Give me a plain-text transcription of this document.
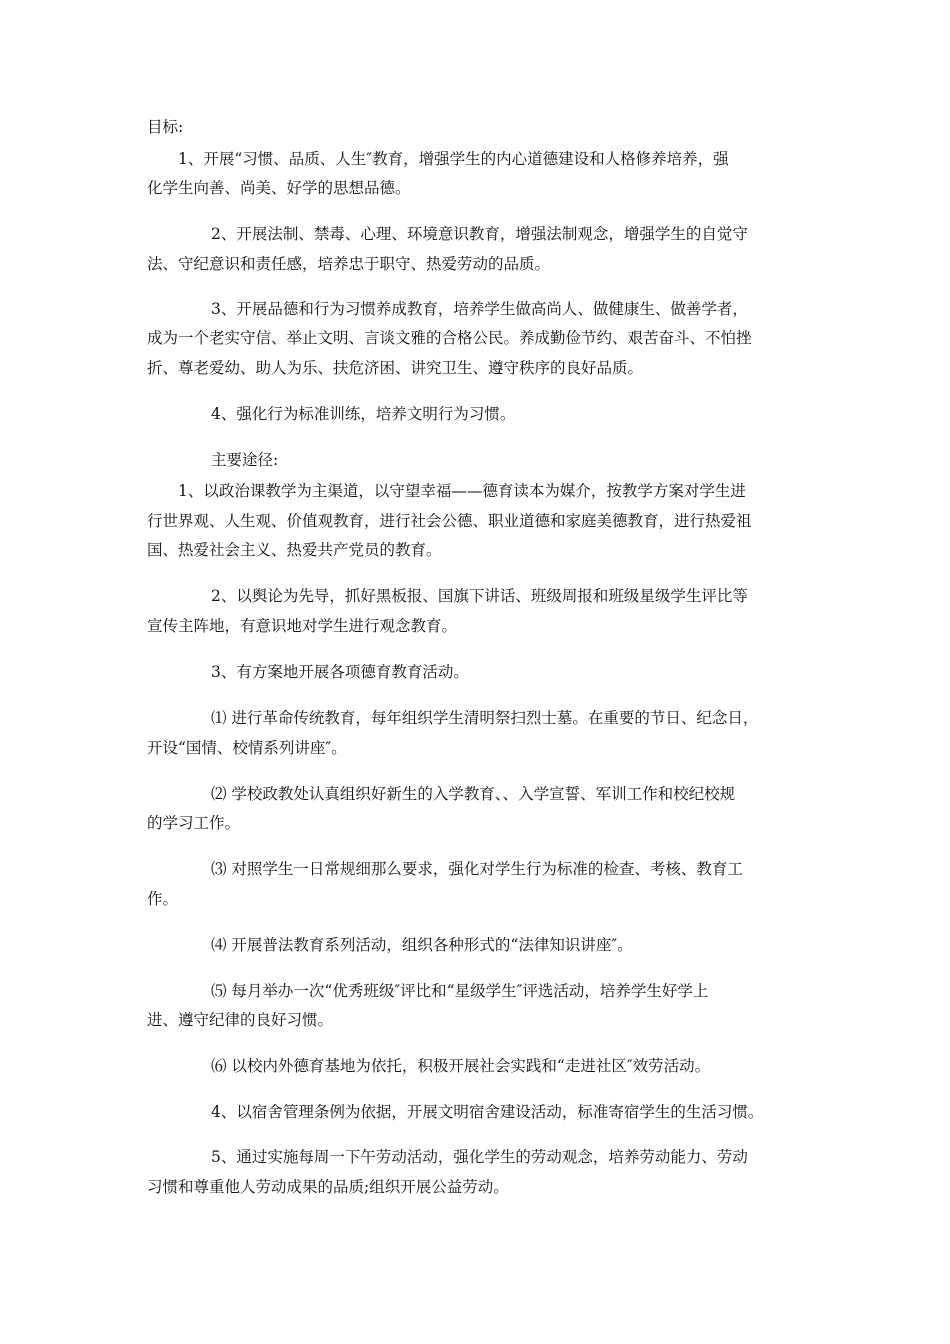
目标:
1、开展“习惯、品质、人生″教育，增强学生的内心道德建设和人格修养培养，强
化学生向善、尚美、好学的思想品德。
2、开展法制、禁毒、心理、环境意识教育，增强法制观念，增强学生的自觉守
法、守纪意识和责任感，培养忠于职守、热爱劳动的品质。
3、开展品德和行为习惯养成教育，培养学生做高尚人、做健康生、做善学者，
成为一个老实守信、举止文明、言谈文雅的合格公民。养成勤俭节约、艰苦奋斗、不怕挫
折、尊老爱幼、助人为乐、扶危济困、讲究卫生、遵守秩序的良好品质。
4、强化行为标准训练，培养文明行为习惯。
主要途径:
1、以政治课教学为主渠道，以守望幸福——德育读本为媒介，按教学方案对学生进
行世界观、人生观、价值观教育，进行社会公德、职业道德和家庭美德教育，进行热爱祖
国、热爱社会主义、热爱共产党员的教育。
2、以舆论为先导，抓好黑板报、国旗下讲话、班级周报和班级星级学生评比等
宣传主阵地，有意识地对学生进行观念教育。
3、有方案地开展各项德育教育活动。
⑴ 进行革命传统教育，每年组织学生清明祭扫烈士墓。在重要的节日、纪念日，
开设“国情、校情系列讲座″。
⑵ 学校政教处认真组织好新生的入学教育、、入学宣誓、军训工作和校纪校规
的学习工作。
⑶ 对照学生一日常规细那么要求，强化对学生行为标准的检查、考核、教育工
作。
⑷ 开展普法教育系列活动，组织各种形式的“法律知识讲座″。
⑸ 每月举办一次“优秀班级″评比和“星级学生″评选活动，培养学生好学上
进、遵守纪律的良好习惯。
⑹ 以校内外德育基地为依托，积极开展社会实践和“走进社区″效劳活动。
4、以宿舍管理条例为依据，开展文明宿舍建设活动，标准寄宿学生的生活习惯。
5、通过实施每周一下午劳动活动，强化学生的劳动观念，培养劳动能力、劳动
习惯和尊重他人劳动成果的品质;组织开展公益劳动。
